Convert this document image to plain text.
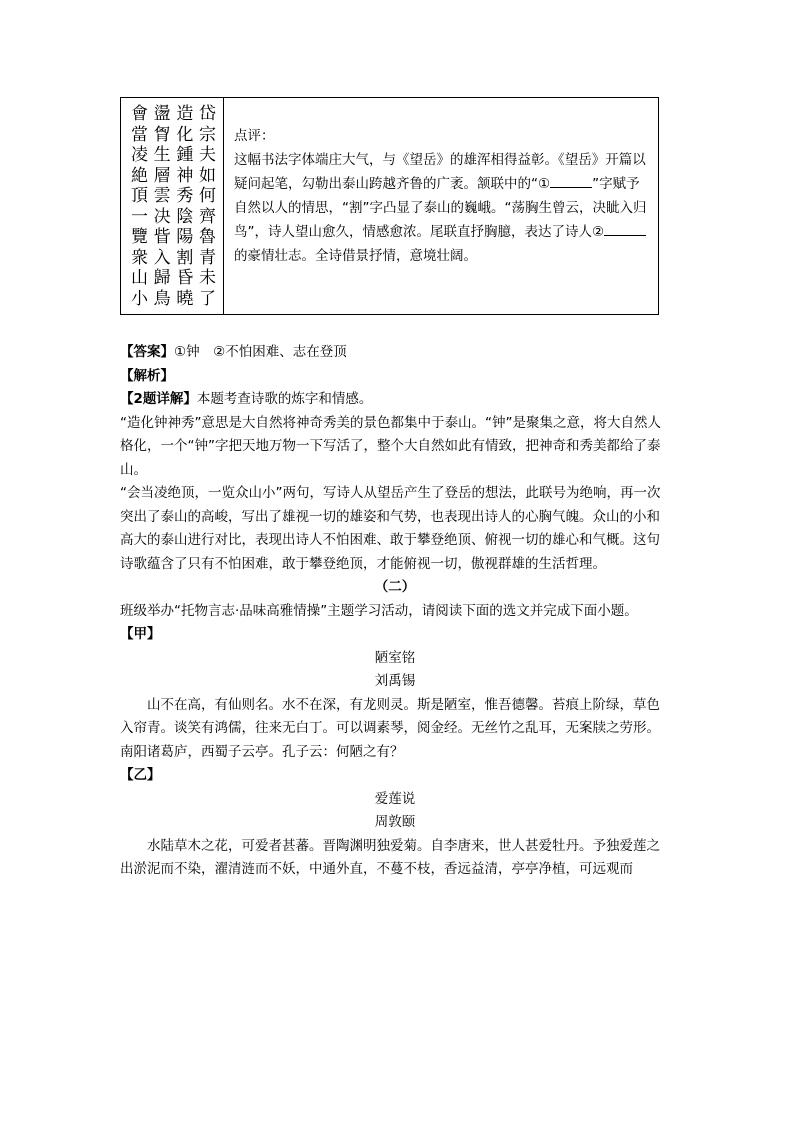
岱
宗
夫
如
何
齊
魯
青
未
了
造
化
鍾
神
秀
陰
陽
割
昏
曉
盪
胷
生
層
雲
决
眥
入
歸
鳥
會
當
凌
絶
頂
一
覽
衆
山
小

点评：

这幅书法字体端庄大气，与《望岳》的雄浑相得益彰。《望岳》开篇以疑问起笔，勾勒出泰山跨越齐鲁的广袤。颔联中的“①	”字赋予自然以人的情思，“割”字凸显了泰山的巍峨。“荡胸生曾云，决眦入归鸟”，诗人望山愈久，情感愈浓。尾联直抒胸臆，表达了诗人②的豪情壮志。全诗借景抒情，意境壮阔。

【答案】①钟　②不怕困难、志在登顶

【解析】

【2题详解】本题考查诗歌的炼字和情感。

“造化钟神秀”意思是大自然将神奇秀美的景色都集中于泰山。“钟”是聚集之意，将大自然人格化，一个“钟”字把天地万物一下写活了，整个大自然如此有情致，把神奇和秀美都给了泰山。

“会当凌绝顶，一览众山小”两句，写诗人从望岳产生了登岳的想法，此联号为绝响，再一次突出了泰山的高峻，写出了雄视一切的雄姿和气势，也表现出诗人的心胸气魄。众山的小和高大的泰山进行对比，表现出诗人不怕困难、敢于攀登绝顶、俯视一切的雄心和气概。这句诗歌蕴含了只有不怕困难，敢于攀登绝顶，才能俯视一切，傲视群雄的生活哲理。

（二）

班级举办“托物言志·品味高雅情操”主题学习活动，请阅读下面的选文并完成下面小题。

【甲】

陋室铭

刘禹锡

山不在高，有仙则名。水不在深，有龙则灵。斯是陋室，惟吾德馨。苔痕上阶绿，草色入帘青。谈笑有鸿儒，往来无白丁。可以调素琴，阅金经。无丝竹之乱耳，无案牍之劳形。南阳诸葛庐，西蜀子云亭。孔子云：何陋之有？

【乙】

爱莲说

周敦颐

水陆草木之花，可爱者甚蕃。晋陶渊明独爱菊。自李唐来，世人甚爱牡丹。予独爱莲之出淤泥而不染，濯清涟而不妖，中通外直，不蔓不枝，香远益清，亭亭净植，可远观而
